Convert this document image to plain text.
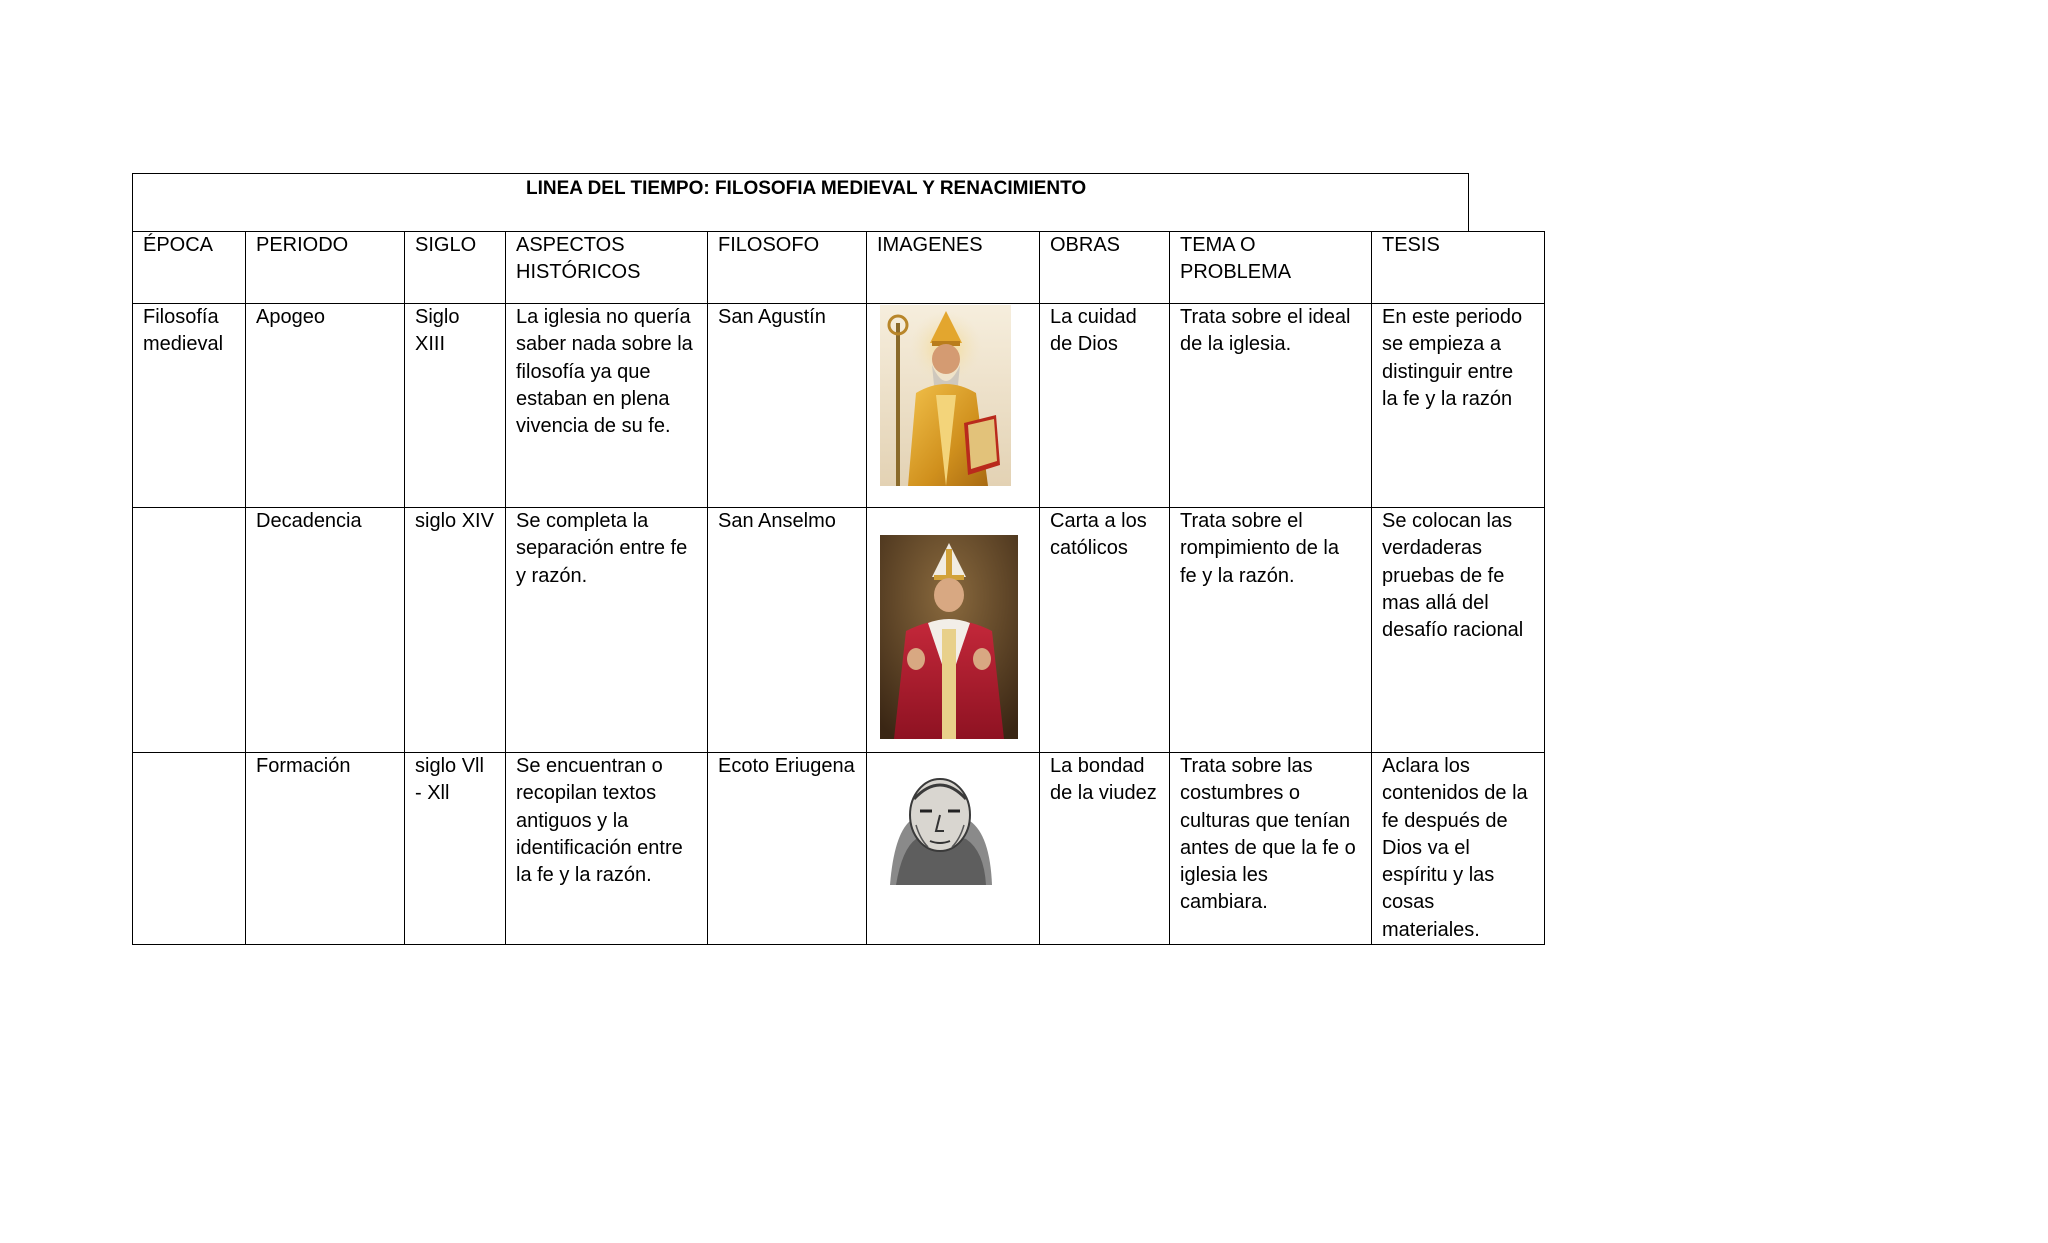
LINEA DEL TIEMPO: FILOSOFIA MEDIEVAL Y RENACIMIENTO
ÉPOCA	PERIODO	SIGLO	ASPECTOS HISTÓRICOS	FILOSOFO	IMAGENES	OBRAS	TEMA O PROBLEMA	TESIS
Filosofía medieval	Apogeo	Siglo XIII	La iglesia no quería saber nada sobre la filosofía ya que estaban en plena vivencia de su fe.	San Agustín		La cuidad de Dios	Trata sobre el ideal de la iglesia.	En este periodo se empieza a distinguir entre la fe y la razón
	Decadencia	siglo XIV	Se completa la separación entre fe y razón.	San Anselmo		Carta a los católicos	Trata sobre el rompimiento de la fe y la razón.	Se colocan las verdaderas pruebas de fe mas allá del desafío racional
	Formación	siglo Vll - Xll	Se encuentran o recopilan textos antiguos y la identificación entre la fe y la razón.	Ecoto Eriugena		La bondad de la viudez	Trata sobre las costumbres o culturas que tenían antes de que la fe o iglesia les cambiara.	Aclara los contenidos de la fe después de Dios va el espíritu y las cosas materiales.
